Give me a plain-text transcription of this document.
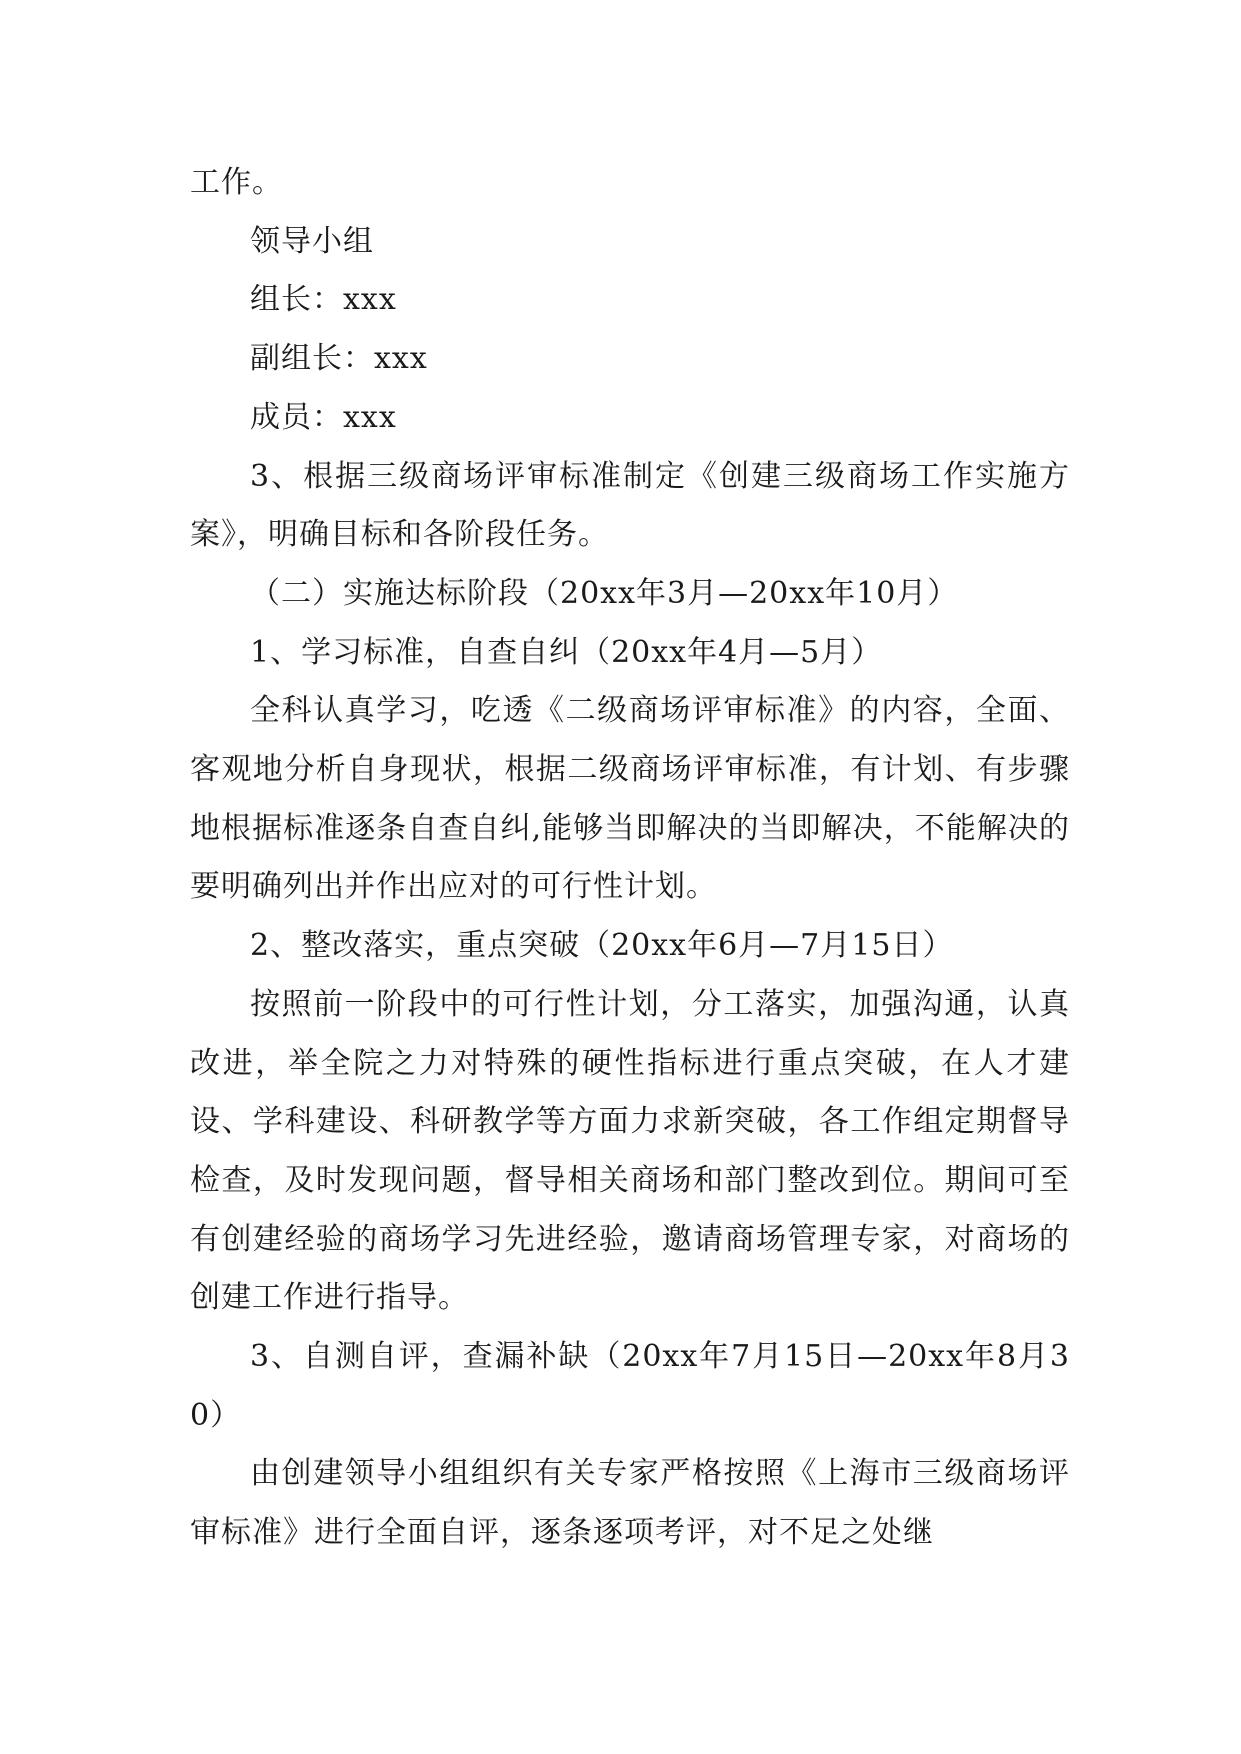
工作。

领导小组

组长：xxx

副组长：xxx

成员：xxx

3、根据三级商场评审标准制定《创建三级商场工作实施方案》，明确目标和各阶段任务。

（二）实施达标阶段（20xx年3月—20xx年10月）

1、学习标准，自查自纠（20xx年4月—5月）

全科认真学习，吃透《二级商场评审标准》的内容，全面、客观地分析自身现状，根据二级商场评审标准，有计划、有步骤地根据标准逐条自查自纠,能够当即解决的当即解决，不能解决的要明确列出并作出应对的可行性计划。

2、整改落实，重点突破（20xx年6月—7月15日）

按照前一阶段中的可行性计划，分工落实，加强沟通，认真改进，举全院之力对特殊的硬性指标进行重点突破，在人才建设、学科建设、科研教学等方面力求新突破，各工作组定期督导检查，及时发现问题，督导相关商场和部门整改到位。期间可至有创建经验的商场学习先进经验，邀请商场管理专家，对商场的创建工作进行指导。

3、自测自评，查漏补缺（20xx年7月15日—20xx年8月30）

由创建领导小组组织有关专家严格按照《上海市三级商场评审标准》进行全面自评，逐条逐项考评，对不足之处继
